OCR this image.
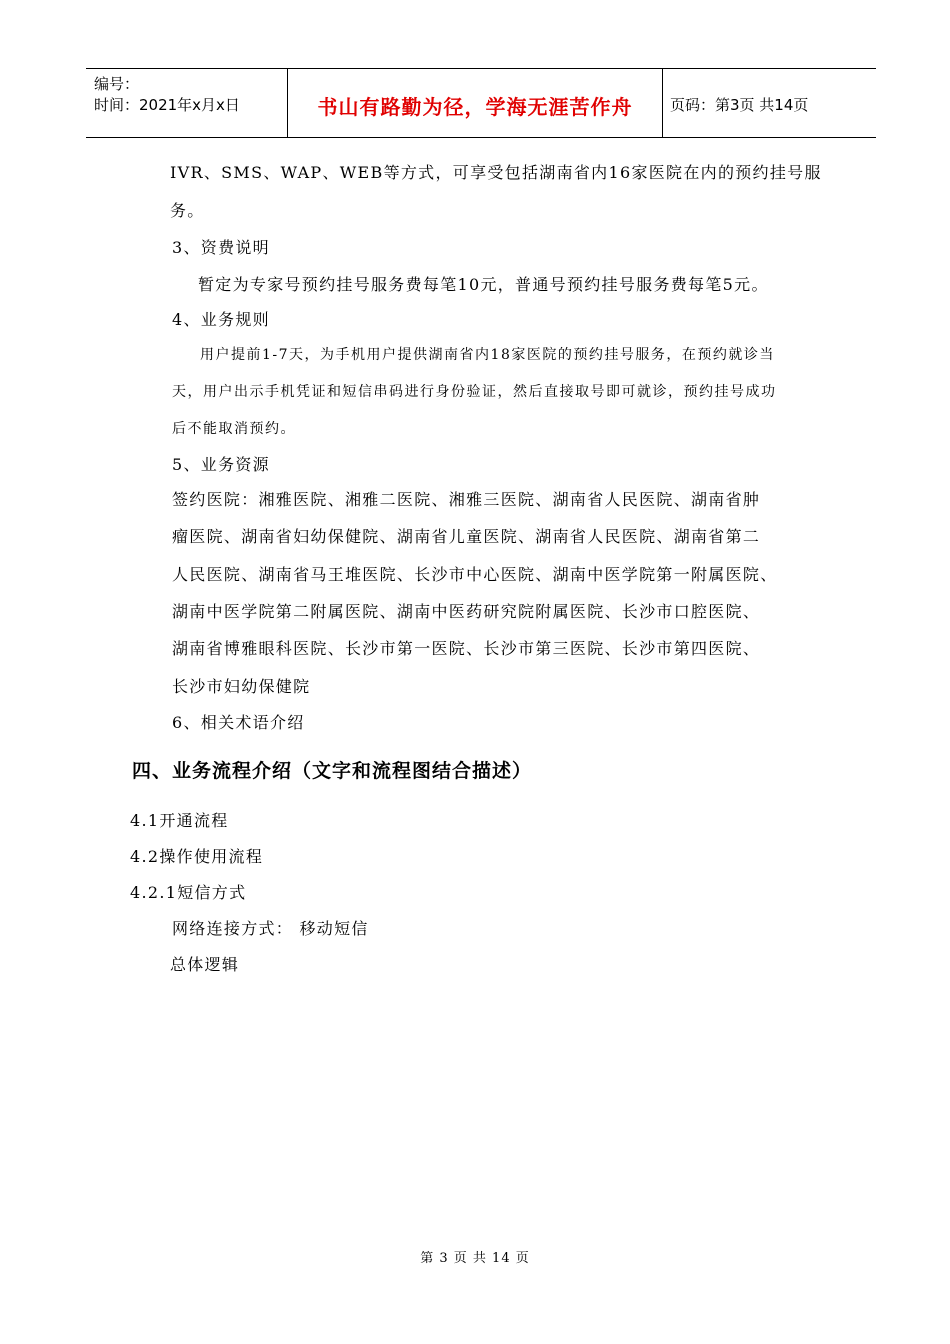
编号：
时间：2021年x月x日	书山有路勤为径，学海无涯苦作舟	页码：第3页 共14页
IVR、SMS、WAP、WEB等方式，可享受包括湖南省内16家医院在内的预约挂号服
务。
3、资费说明
暂定为专家号预约挂号服务费每笔10元，普通号预约挂号服务费每笔5元。
4、业务规则
用户提前1-7天，为手机用户提供湖南省内18家医院的预约挂号服务，在预约就诊当
天，用户出示手机凭证和短信串码进行身份验证，然后直接取号即可就诊，预约挂号成功
后不能取消预约。
5、业务资源
签约医院：湘雅医院、湘雅二医院、湘雅三医院、湖南省人民医院、湖南省肿
瘤医院、湖南省妇幼保健院、湖南省儿童医院、湖南省人民医院、湖南省第二
人民医院、湖南省马王堆医院、长沙市中心医院、湖南中医学院第一附属医院、
湖南中医学院第二附属医院、湖南中医药研究院附属医院、长沙市口腔医院、
湖南省博雅眼科医院、长沙市第一医院、长沙市第三医院、长沙市第四医院、
长沙市妇幼保健院
6、相关术语介绍
四、业务流程介绍（文字和流程图结合描述）
4.1开通流程
4.2操作使用流程
4.2.1短信方式
网络连接方式： 移动短信
总体逻辑
第 3 页 共 14 页
